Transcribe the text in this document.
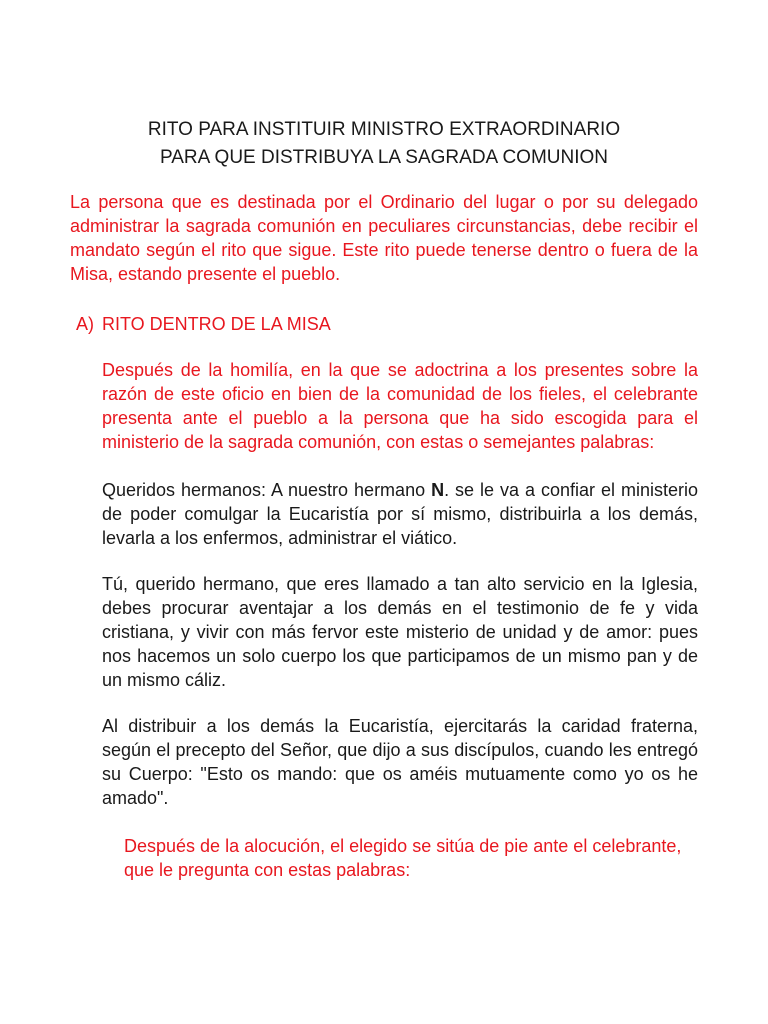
RITO PARA INSTITUIR MINISTRO EXTRAORDINARIO
PARA QUE DISTRIBUYA LA SAGRADA COMUNION

La persona que es destinada por el Ordinario del lugar o por su delegado administrar la sagrada comunión en peculiares circunstancias, debe recibir el mandato según el rito que sigue. Este rito puede tenerse dentro o fuera de la Misa, estando presente el pueblo.

A) RITO DENTRO DE LA MISA

Después de la homilía, en la que se adoctrina a los presentes sobre la razón de este oficio en bien de la comunidad de los fieles, el celebrante presenta ante el pueblo a la persona que ha sido escogida para el ministerio de la sagrada comunión, con estas o semejantes palabras:

Queridos hermanos: A nuestro hermano N. se le va a confiar el ministerio de poder comulgar la Eucaristía por sí mismo, distribuirla a los demás, levarla a los enfermos, administrar el viático.

Tú, querido hermano, que eres llamado a tan alto servicio en la Iglesia, debes procurar aventajar a los demás en el testimonio de fe y vida cristiana, y vivir con más fervor este misterio de unidad y de amor: pues nos hacemos un solo cuerpo los que participamos de un mismo pan y de un mismo cáliz.

Al distribuir a los demás la Eucaristía, ejercitarás la caridad fraterna, según el precepto del Señor, que dijo a sus discípulos, cuando les entregó su Cuerpo: "Esto os mando: que os améis mutuamente como yo os he amado".

Después de la alocución, el elegido se sitúa de pie ante el celebrante, que le pregunta con estas palabras:
